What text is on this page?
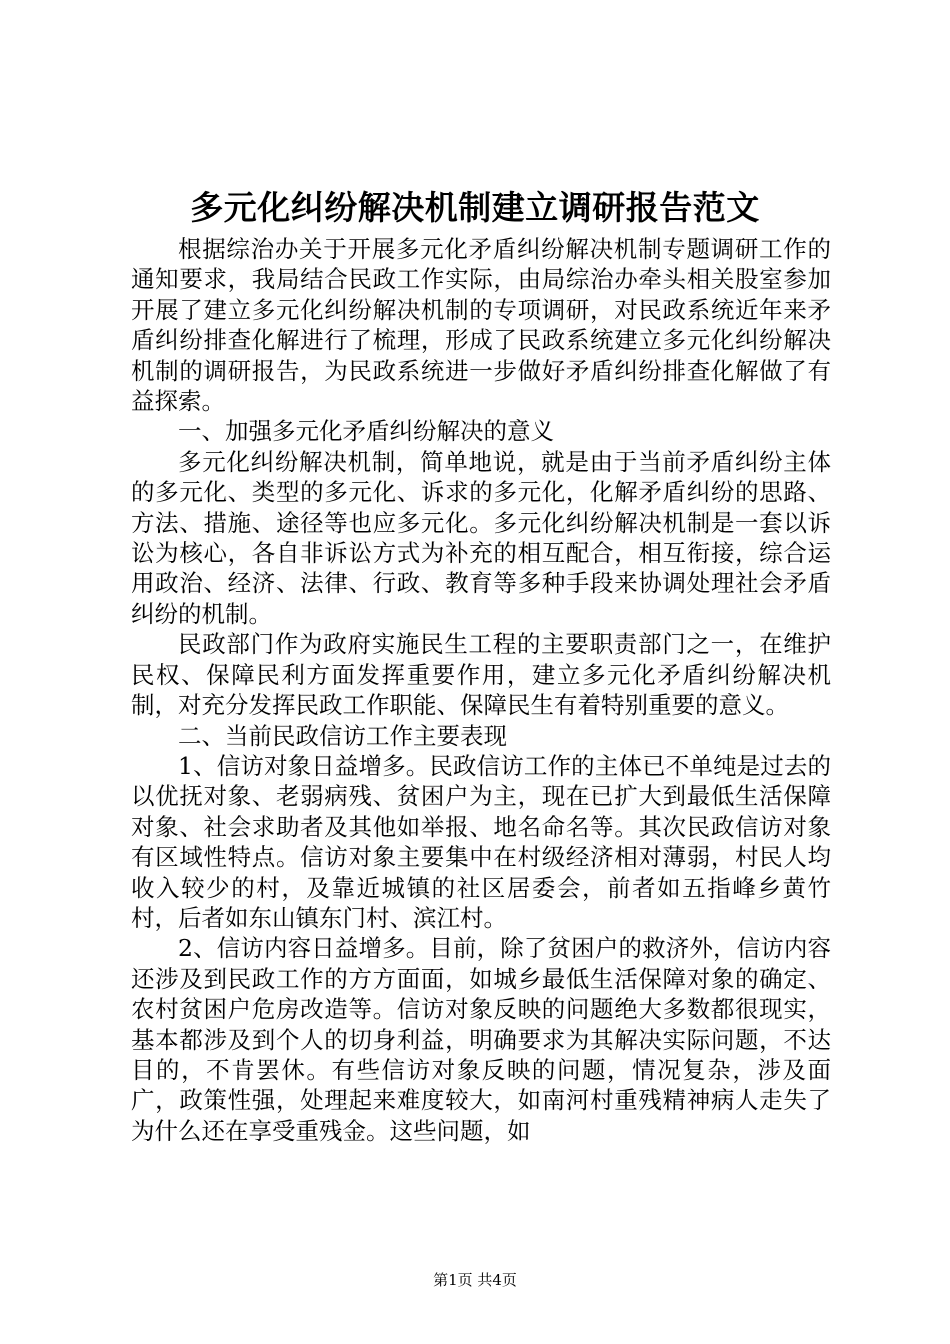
多元化纠纷解决机制建立调研报告范文

根据综治办关于开展多元化矛盾纠纷解决机制专题调研工作的通知要求，我局结合民政工作实际，由局综治办牵头相关股室参加开展了建立多元化纠纷解决机制的专项调研，对民政系统近年来矛盾纠纷排查化解进行了梳理，形成了民政系统建立多元化纠纷解决机制的调研报告，为民政系统进一步做好矛盾纠纷排查化解做了有益探索。

一、加强多元化矛盾纠纷解决的意义

多元化纠纷解决机制，简单地说，就是由于当前矛盾纠纷主体的多元化、类型的多元化、诉求的多元化，化解矛盾纠纷的思路、方法、措施、途径等也应多元化。多元化纠纷解决机制是一套以诉讼为核心，各自非诉讼方式为补充的相互配合，相互衔接，综合运用政治、经济、法律、行政、教育等多种手段来协调处理社会矛盾纠纷的机制。

民政部门作为政府实施民生工程的主要职责部门之一，在维护民权、保障民利方面发挥重要作用，建立多元化矛盾纠纷解决机制，对充分发挥民政工作职能、保障民生有着特别重要的意义。

二、当前民政信访工作主要表现

1、信访对象日益增多。民政信访工作的主体已不单纯是过去的以优抚对象、老弱病残、贫困户为主，现在已扩大到最低生活保障对象、社会求助者及其他如举报、地名命名等。其次民政信访对象有区域性特点。信访对象主要集中在村级经济相对薄弱，村民人均收入较少的村，及靠近城镇的社区居委会，前者如五指峰乡黄竹村，后者如东山镇东门村、滨江村。

2、信访内容日益增多。目前，除了贫困户的救济外，信访内容还涉及到民政工作的方方面面，如城乡最低生活保障对象的确定、农村贫困户危房改造等。信访对象反映的问题绝大多数都很现实，基本都涉及到个人的切身利益，明确要求为其解决实际问题，不达目的，不肯罢休。有些信访对象反映的问题，情况复杂，涉及面广，政策性强，处理起来难度较大，如南河村重残精神病人走失了为什么还在享受重残金。这些问题，如

第1页 共4页
